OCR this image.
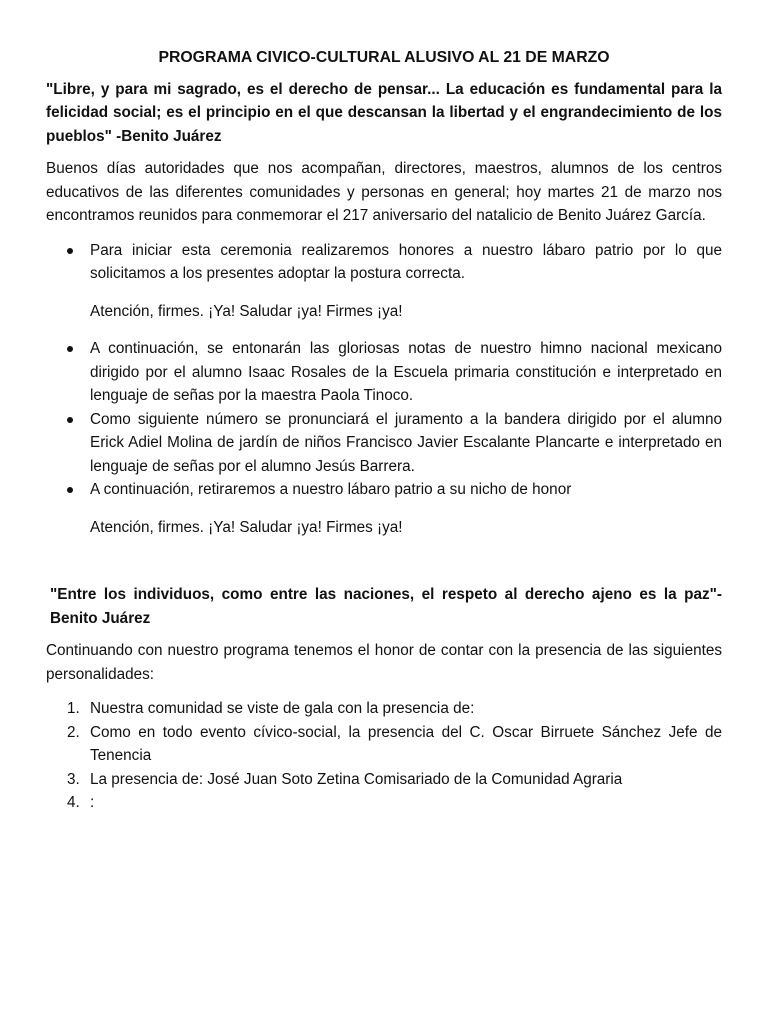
PROGRAMA CIVICO-CULTURAL ALUSIVO AL 21 DE MARZO

"Libre, y para mi sagrado, es el derecho de pensar... La educación es fundamental para la felicidad social; es el principio en el que descansan la libertad y el engrandecimiento de los pueblos" -Benito Juárez

Buenos días autoridades que nos acompañan, directores, maestros, alumnos de los centros educativos de las diferentes comunidades y personas en general; hoy martes 21 de marzo nos encontramos reunidos para conmemorar el 217 aniversario del natalicio de Benito Juárez García.

Para iniciar esta ceremonia realizaremos honores a nuestro lábaro patrio por lo que solicitamos a los presentes adoptar la postura correcta.

Atención, firmes. ¡Ya! Saludar ¡ya! Firmes ¡ya!

A continuación, se entonarán las gloriosas notas de nuestro himno nacional mexicano dirigido por el alumno Isaac Rosales de la Escuela primaria constitución e interpretado en lenguaje de señas por la maestra Paola Tinoco.
Como siguiente número se pronunciará el juramento a la bandera dirigido por el alumno Erick Adiel Molina de jardín de niños Francisco Javier Escalante Plancarte e interpretado en lenguaje de señas por el alumno Jesús Barrera.
A continuación, retiraremos a nuestro lábaro patrio a su nicho de honor

Atención, firmes. ¡Ya! Saludar ¡ya! Firmes ¡ya!

"Entre los individuos, como entre las naciones, el respeto al derecho ajeno es la paz"-Benito Juárez

Continuando con nuestro programa tenemos el honor de contar con la presencia de las siguientes personalidades:

1. Nuestra comunidad se viste de gala con la presencia de:
2. Como en todo evento cívico-social, la presencia del C. Oscar Birruete Sánchez Jefe de Tenencia
3. La presencia de: José Juan Soto Zetina Comisariado de la Comunidad Agraria
4. :
